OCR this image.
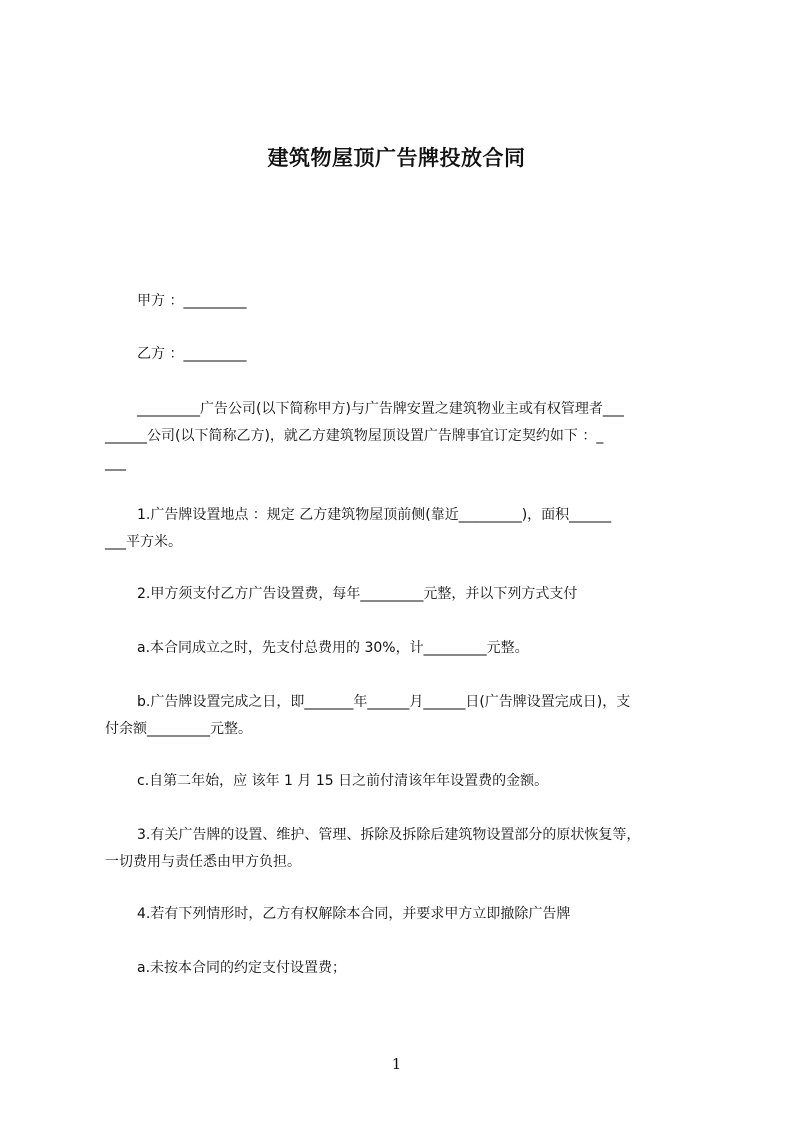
建筑物屋顶广告牌投放合同

甲方 ：_________

乙方 ：_________

_________广告公司(以下简称甲方)与广告牌安置之建筑物业主或有权管理者___

______公司(以下简称乙方)，就乙方建筑物屋顶设置广告牌事宜订定契约如下 ：_

___

1.广告牌设置地点 ：规定 乙方建筑物屋顶前侧(靠近_________)，面积______

___平方米。

2.甲方须支付乙方广告设置费，每年_________元整，并以下列方式支付

a.本合同成立之时，先支付总费用的 30%，计_________元整。

b.广告牌设置完成之日，即_______年______月______日(广告牌设置完成日)，支

付余额_________元整。

c.自第二年始，应 该年 1 月 15 日之前付清该年年设置费的金额。

3.有关广告牌的设置、维护、管理、拆除及拆除后建筑物设置部分的原状恢复等，

一切费用与责任悉由甲方负担。

4.若有下列情形时，乙方有权解除本合同，并要求甲方立即撤除广告牌

a.未按本合同的约定支付设置费；

1
